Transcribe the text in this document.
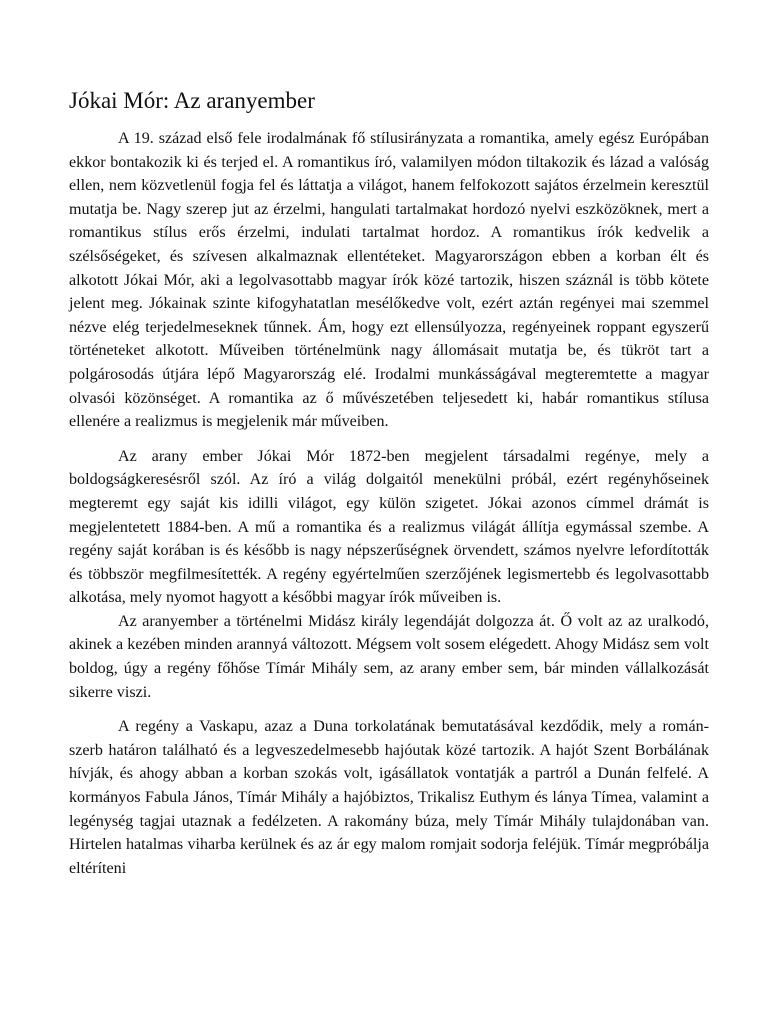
Jókai Mór: Az aranyember

A 19. század első fele irodalmának fő stílusirányzata a romantika, amely egész Európában ekkor bontakozik ki és terjed el. A romantikus író, valamilyen módon tiltakozik és lázad a valóság ellen, nem közvetlenül fogja fel és láttatja a világot, hanem felfokozott sajátos érzelmein keresztül mutatja be. Nagy szerep jut az érzelmi, hangulati tartalmakat hordozó nyelvi eszközöknek, mert a romantikus stílus erős érzelmi, indulati tartalmat hordoz. A romantikus írók kedvelik a szélsőségeket, és szívesen alkalmaznak ellentéteket. Magyarországon ebben a korban élt és alkotott Jókai Mór, aki a legolvasottabb magyar írók közé tartozik, hiszen száznál is több kötete jelent meg. Jókainak szinte kifogyhatatlan mesélőkedve volt, ezért aztán regényei mai szemmel nézve elég terjedelmeseknek tűnnek. Ám, hogy ezt ellensúlyozza, regényeinek roppant egyszerű történeteket alkotott. Műveiben történelmünk nagy állomásait mutatja be, és tükröt tart a polgárosodás útjára lépő Magyarország elé. Irodalmi munkásságával megteremtette a magyar olvasói közönséget. A romantika az ő művészetében teljesedett ki, habár romantikus stílusa ellenére a realizmus is megjelenik már műveiben.

Az arany ember Jókai Mór 1872-ben megjelent társadalmi regénye, mely a boldogságkeresésről szól. Az író a világ dolgaitól menekülni próbál, ezért regényhőseinek megteremt egy saját kis idilli világot, egy külön szigetet. Jókai azonos címmel drámát is megjelentetett 1884-ben. A mű a romantika és a realizmus világát állítja egymással szembe. A regény saját korában is és később is nagy népszerűségnek örvendett, számos nyelvre lefordították és többször megfilmesítették. A regény egyértelműen szerzőjének legismertebb és legolvasottabb alkotása, mely nyomot hagyott a későbbi magyar írók műveiben is.

Az aranyember a történelmi Midász király legendáját dolgozza át. Ő volt az az uralkodó, akinek a kezében minden arannyá változott. Mégsem volt sosem elégedett. Ahogy Midász sem volt boldog, úgy a regény főhőse Tímár Mihály sem, az arany ember sem, bár minden vállalkozását sikerre viszi.

A regény a Vaskapu, azaz a Duna torkolatának bemutatásával kezdődik, mely a román-szerb határon található és a legveszedelmesebb hajóutak közé tartozik. A hajót Szent Borbálának hívják, és ahogy abban a korban szokás volt, igásállatok vontatják a partról a Dunán felfelé. A kormányos Fabula János, Tímár Mihály a hajóbiztos, Trikalisz Euthym és lánya Tímea, valamint a legénység tagjai utaznak a fedélzeten. A rakomány búza, mely Tímár Mihály tulajdonában van. Hirtelen hatalmas viharba kerülnek és az ár egy malom romjait sodorja feléjük. Tímár megpróbálja eltéríteni
